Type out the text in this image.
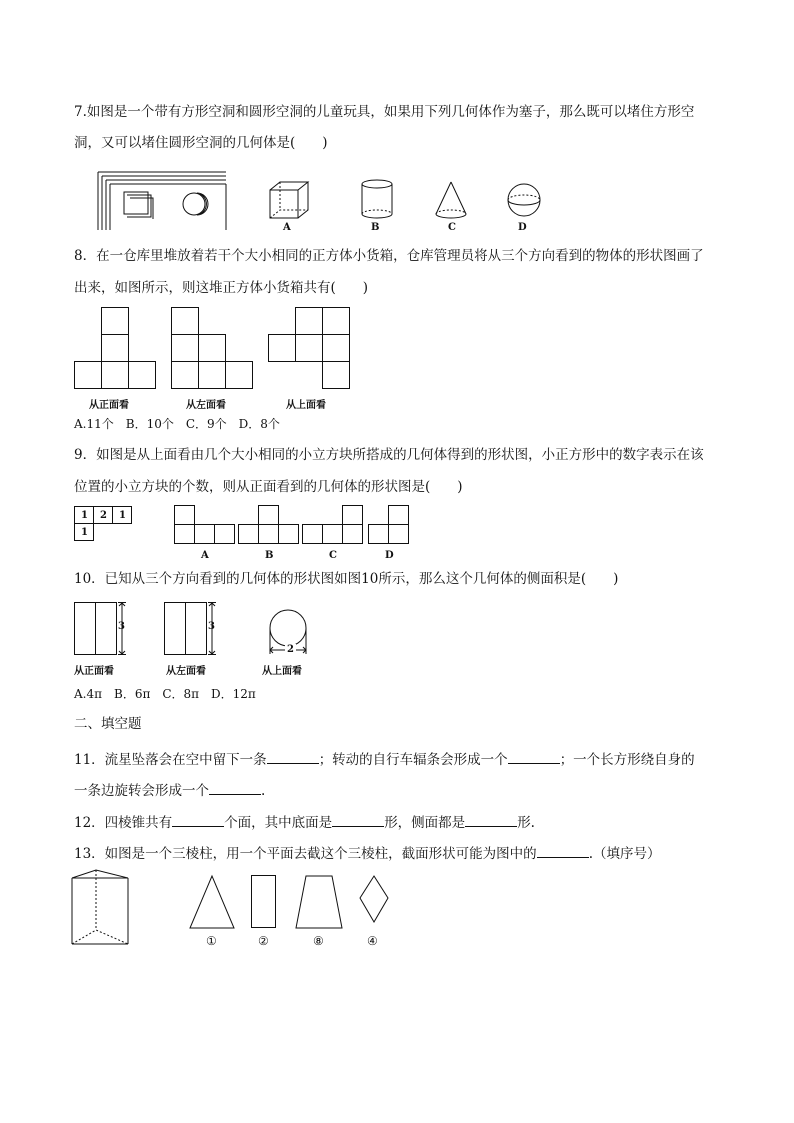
7.如图是一个带有方形空洞和圆形空洞的儿童玩具，如果用下列几何体作为塞子，那么既可以堵住方形空
洞，又可以堵住圆形空洞的几何体是(　　)
A	B	C	D
8．在一仓库里堆放着若干个大小相同的正方体小货箱，仓库管理员将从三个方向看到的物体的形状图画了
出来，如图所示，则这堆正方体小货箱共有(　　)
从正面看	从左面看	从上面看
A.11个　B．10个　C．9个　D．8个
9．如图是从上面看由几个大小相同的小立方块所搭成的几何体得到的形状图，小正方形中的数字表示在该
位置的小立方块的个数，则从正面看到的几何体的形状图是(　　)
1 2 1
1
A	B	C	D
10．已知从三个方向看到的几何体的形状图如图10所示，那么这个几何体的侧面积是(　　)
3
从正面看
3
从左面看
2
从上面看
A.4π　B．6π　C．8π　D．12π
二、填空题
11．流星坠落会在空中留下一条	；转动的自行车辐条会形成一个	；一个长方形绕自身的
一条边旋转会形成一个	.
12．四棱锥共有	个面，其中底面是	形，侧面都是	形.
13．如图是一个三棱柱，用一个平面去截这个三棱柱，截面形状可能为图中的	.（填序号）
①	②	⑧	④
